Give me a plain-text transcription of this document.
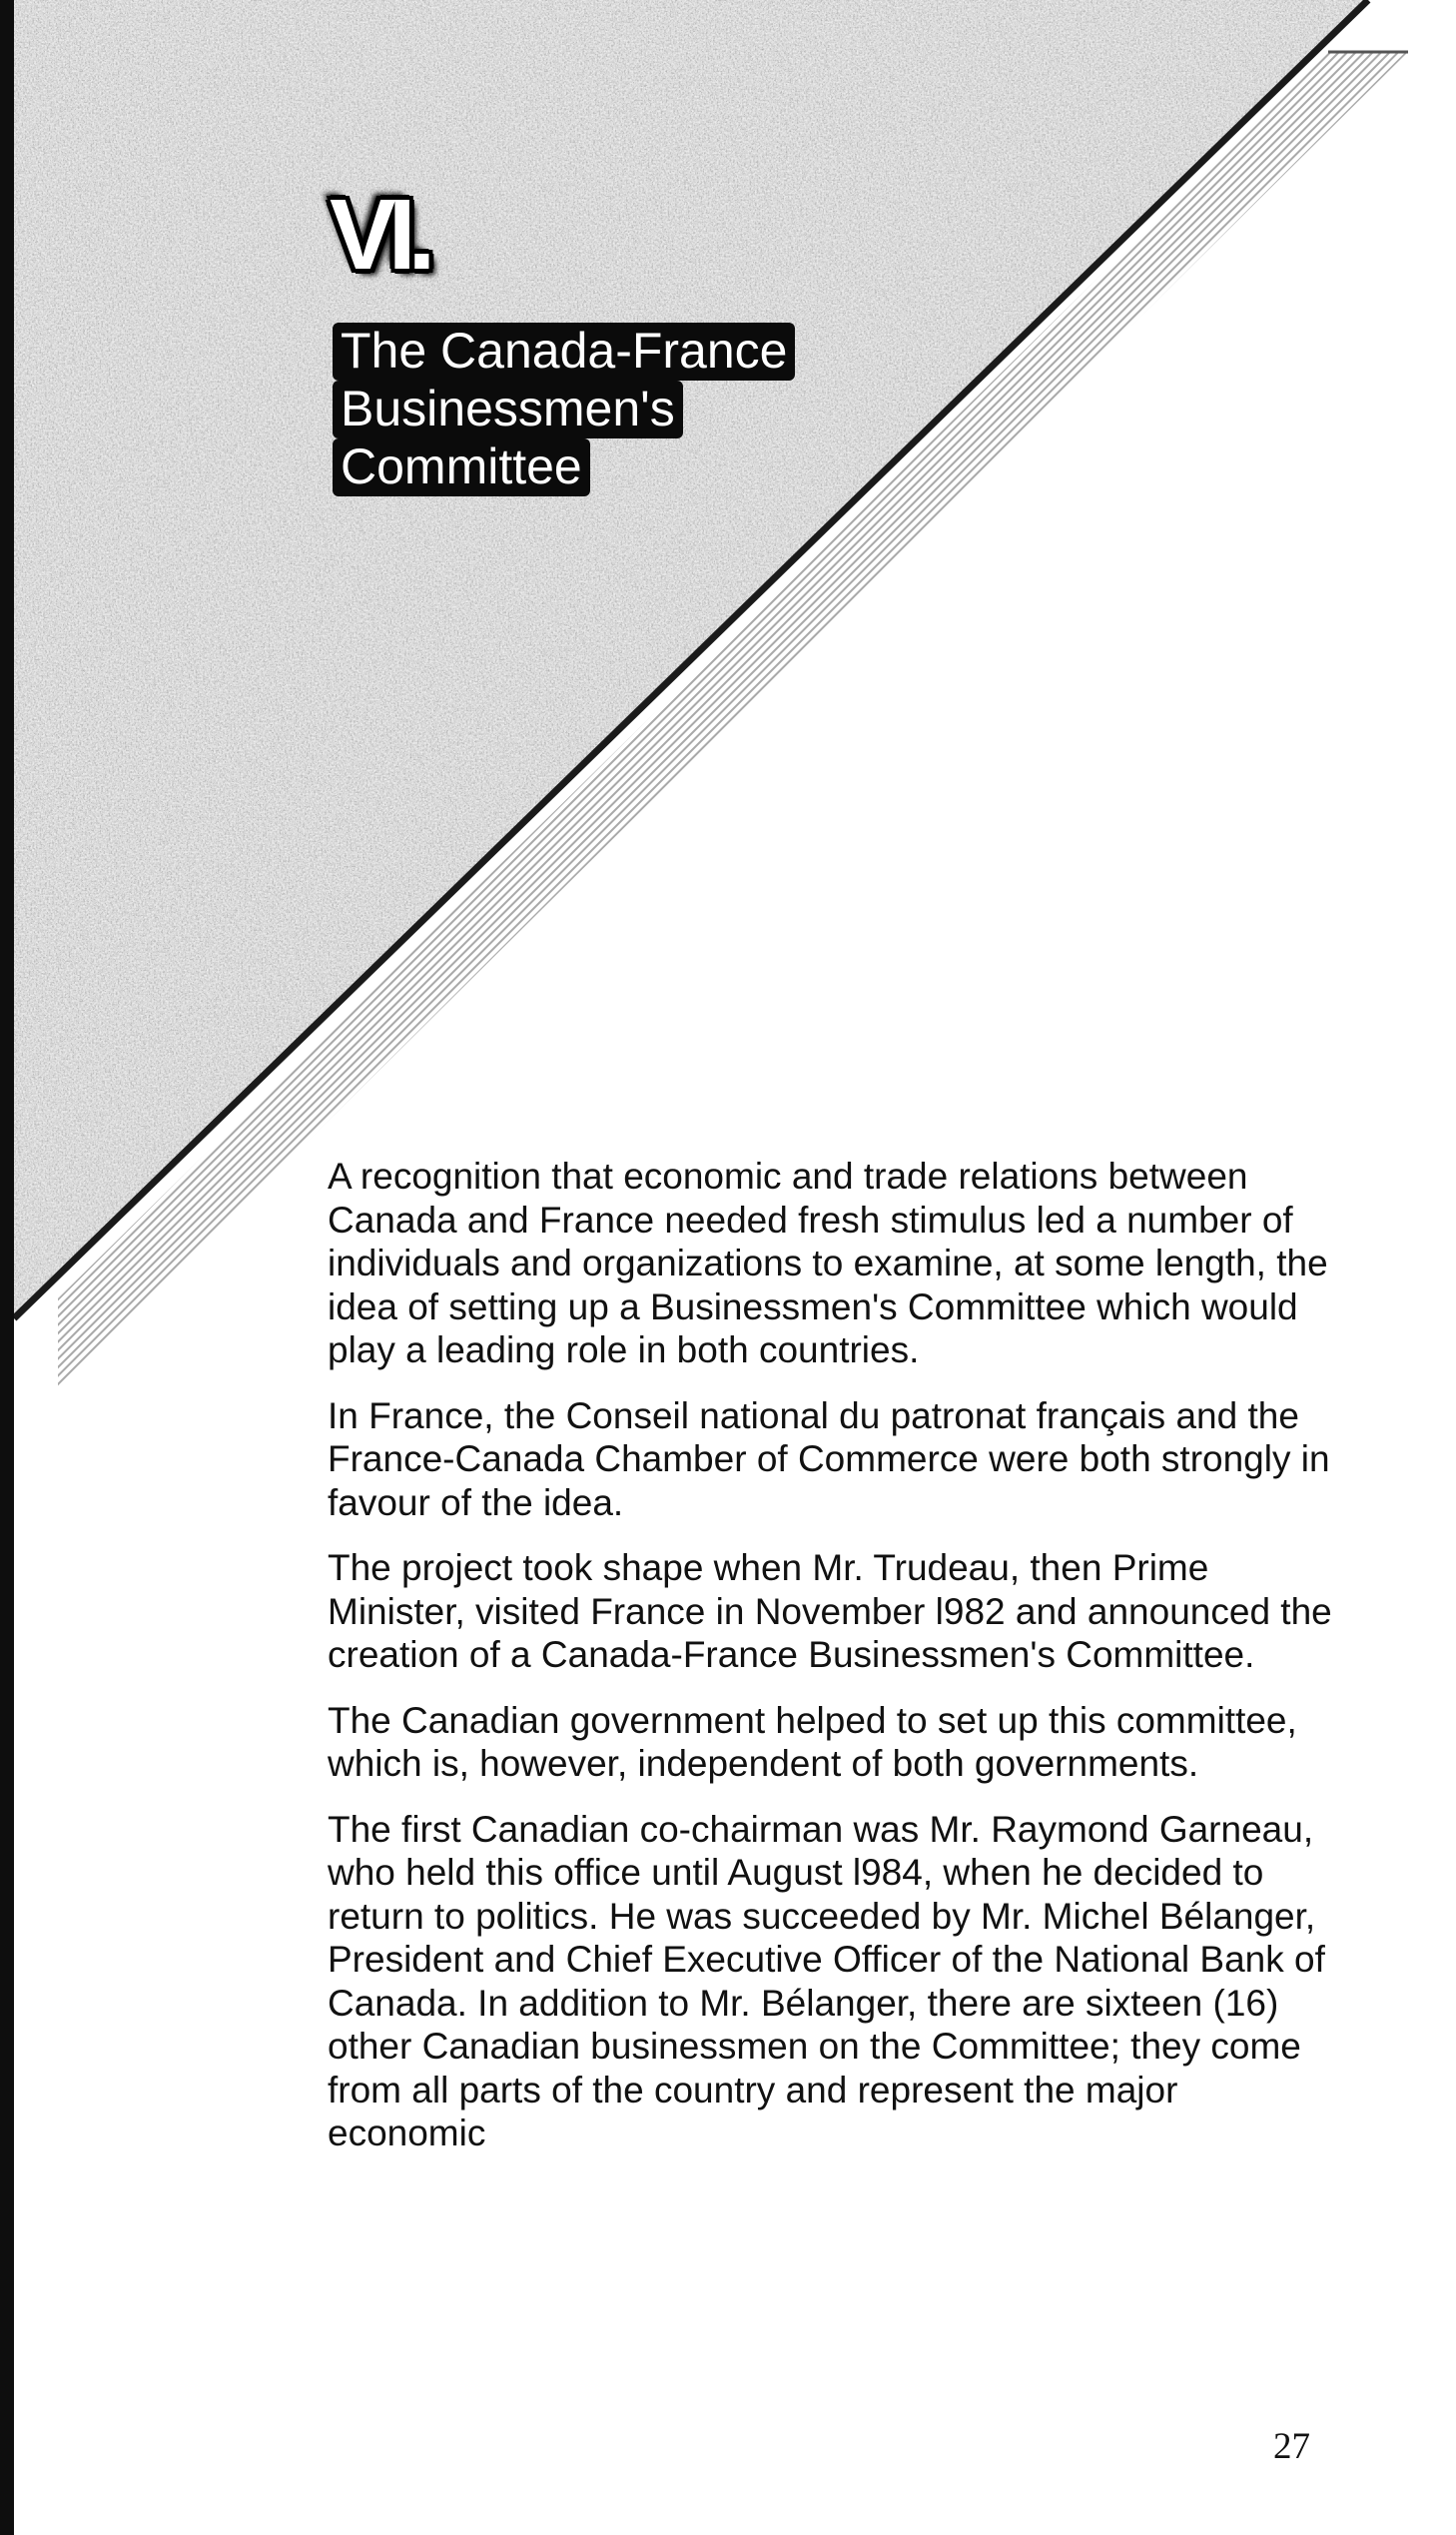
VI.
The Canada-France
Businessmen's
Committee

A recognition that economic and trade relations between Canada and France needed fresh stimulus led a number of individuals and organizations to examine, at some length, the idea of setting up a Businessmen's Committee which would play a leading role in both countries.

In France, the Conseil national du patronat français and the France-Canada Chamber of Commerce were both strongly in favour of the idea.

The project took shape when Mr. Trudeau, then Prime Minister, visited France in November l982 and announced the creation of a Canada-France Businessmen's Committee.

The Canadian government helped to set up this committee, which is, however, independent of both governments.

The first Canadian co-chairman was Mr. Raymond Garneau, who held this office until August l984, when he decided to return to politics. He was succeeded by Mr. Michel Bélanger, President and Chief Executive Officer of the National Bank of Canada. In addition to Mr. Bélanger, there are sixteen (16) other Canadian businessmen on the Committee; they come from all parts of the country and represent the major economic

27
